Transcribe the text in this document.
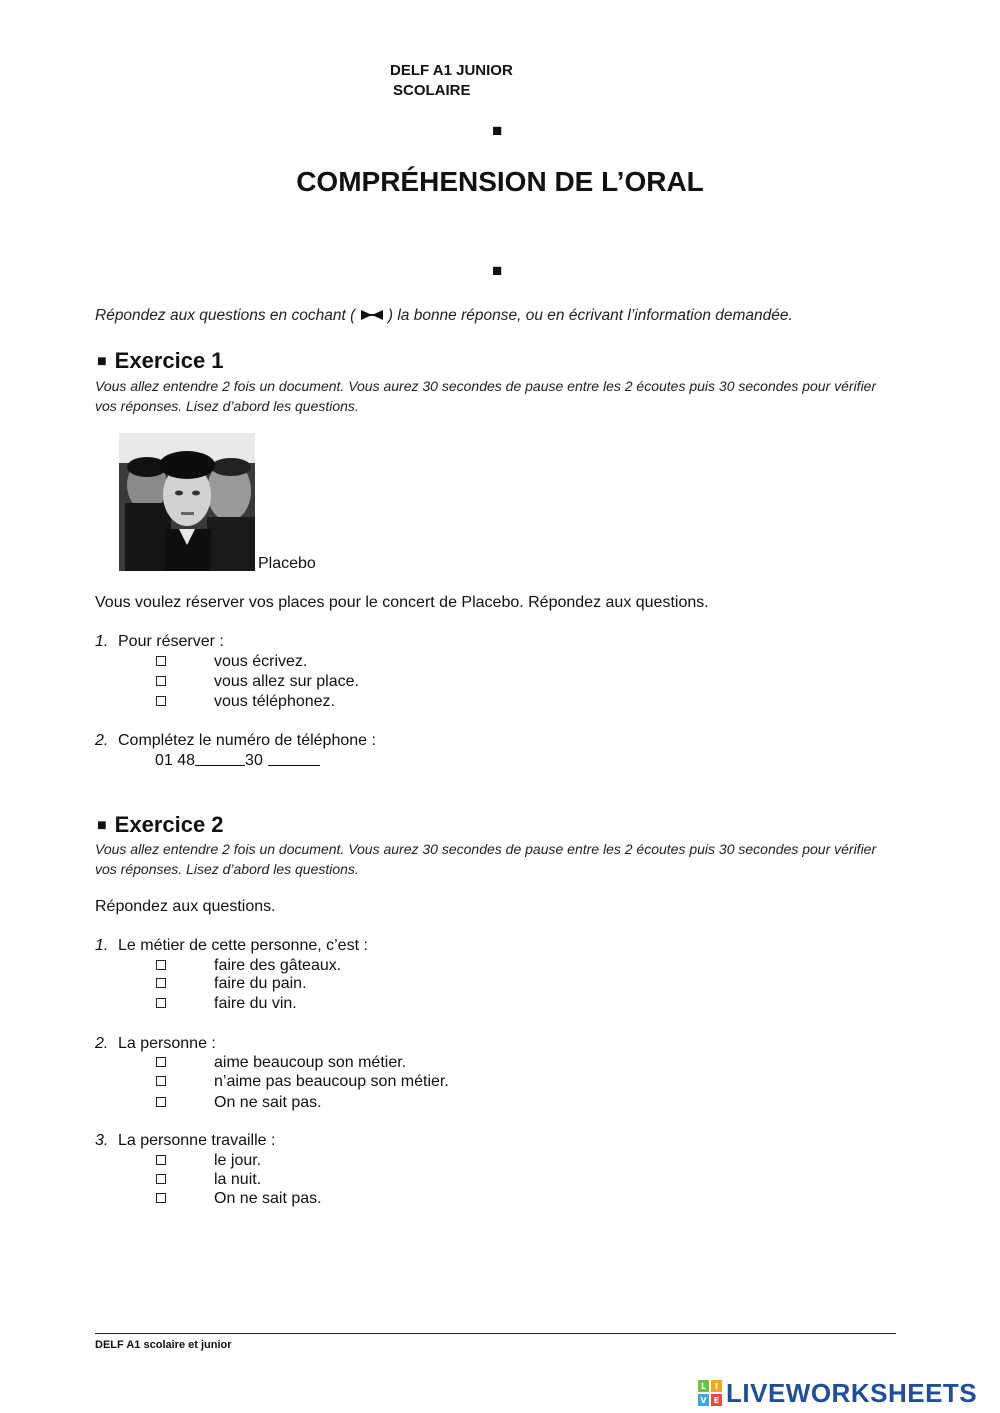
DELF A1 JUNIOR
SCOLAIRE
■
COMPRÉHENSION DE L’ORAL
■
Répondez aux questions en cochant ( ) la bonne réponse, ou en écrivant l’information demandée.
■ Exercice 1
Vous allez entendre 2 fois un document. Vous aurez 30 secondes de pause entre les 2 écoutes puis 30 secondes pour vérifier vos réponses. Lisez d’abord les questions.
Placebo
Vous voulez réserver vos places pour le concert de Placebo. Répondez aux questions.
1. Pour réserver :
vous écrivez.
vous allez sur place.
vous téléphonez.
2. Complétez le numéro de téléphone :
01 48	30
■ Exercice 2
Vous allez entendre 2 fois un document. Vous aurez 30 secondes de pause entre les 2 écoutes puis 30 secondes pour vérifier vos réponses. Lisez d’abord les questions.
Répondez aux questions.
1. Le métier de cette personne, c’est :
faire des gâteaux.
faire du pain.
faire du vin.
2. La personne :
aime beaucoup son métier.
n’aime pas beaucoup son métier.
On ne sait pas.
3. La personne travaille :
le jour.
la nuit.
On ne sait pas.
DELF A1 scolaire et junior
L I
V E LIVEWORKSHEETS
